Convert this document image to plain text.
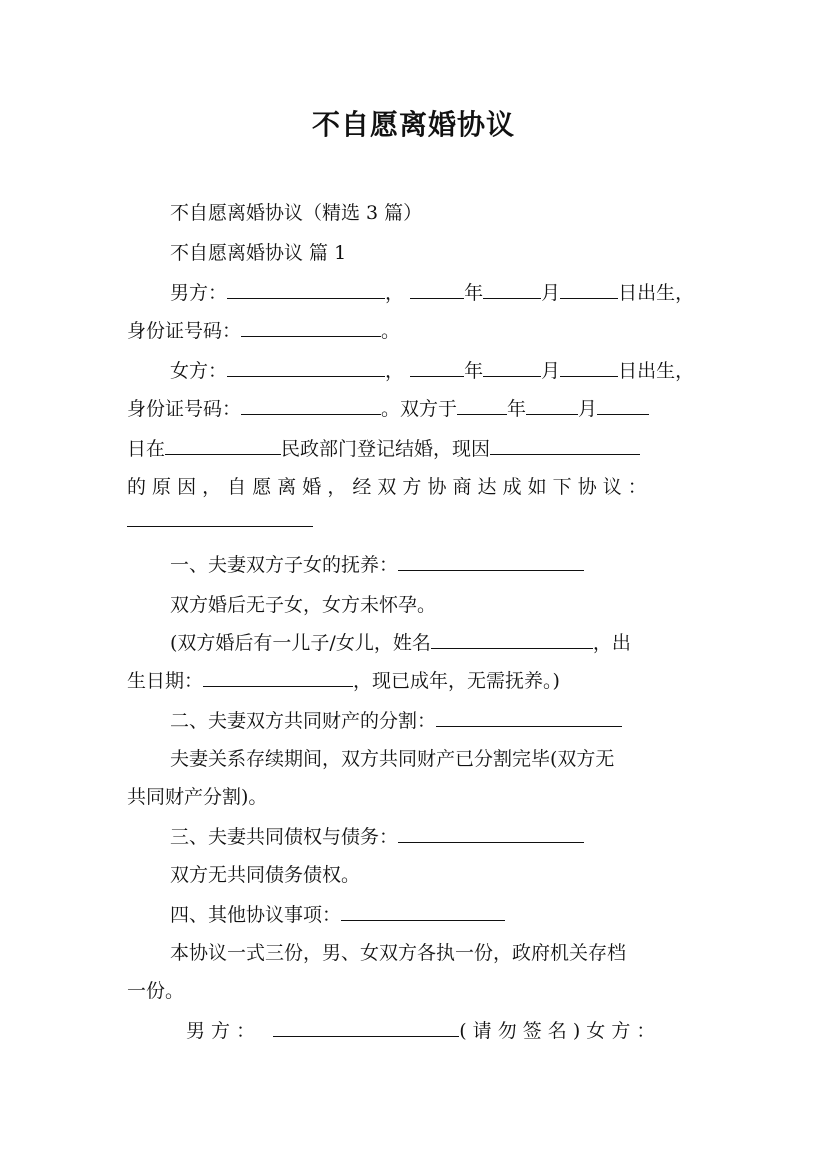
不自愿离婚协议
不自愿离婚协议（精选 3 篇）
不自愿离婚协议 篇 1
男方：	，	年	月	日出生，
身份证号码：	。
女方：	，	年	月	日出生，
身份证号码：	。双方于	年	月
日在	民政部门登记结婚，现因
的 原 因 ， 自 愿 离 婚 ， 经 双 方 协 商 达 成 如 下 协 议 ：
一、夫妻双方子女的抚养：
双方婚后无子女，女方未怀孕。
(双方婚后有一儿子/女儿，姓名	，出
生日期：	，现已成年，无需抚养。)
二、夫妻双方共同财产的分割：
夫妻关系存续期间，双方共同财产已分割完毕(双方无
共同财产分割)。
三、夫妻共同债权与债务：
双方无共同债务债权。
四、其他协议事项：
本协议一式三份，男、女双方各执一份，政府机关存档
一份。
男 方 ：	( 请 勿 签 名 ) 女 方 ：
